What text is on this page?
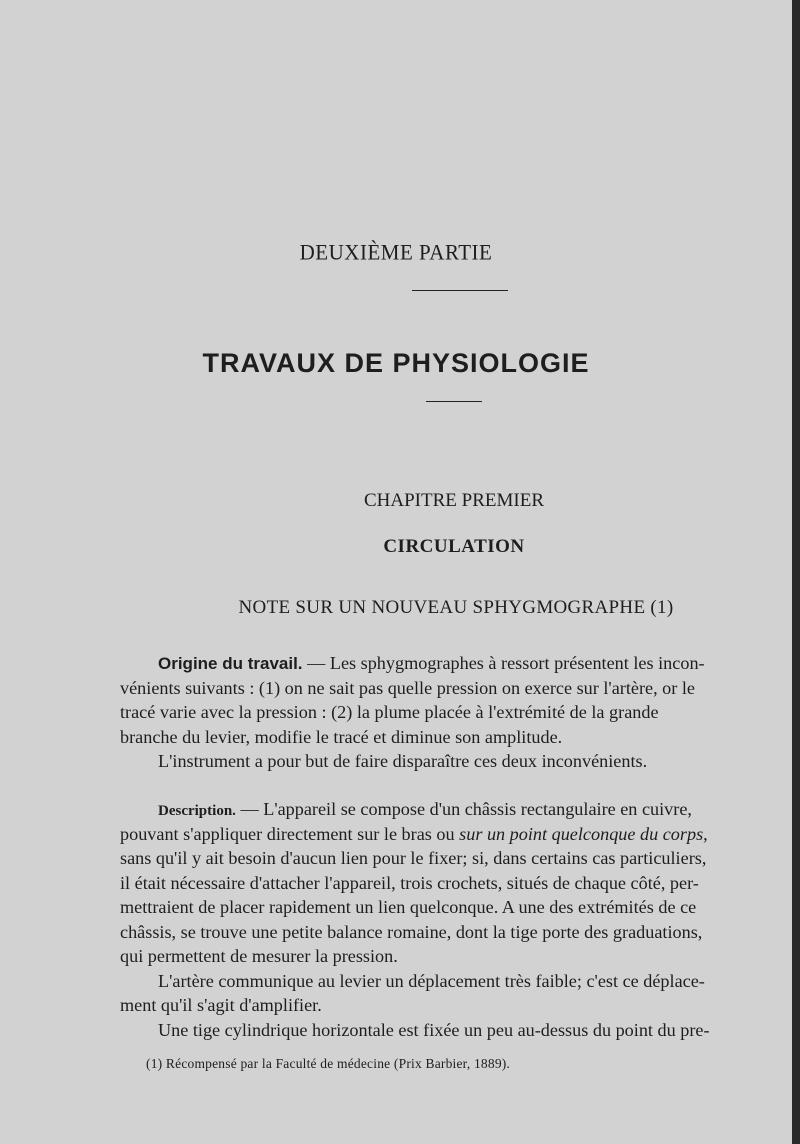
DEUXIÈME PARTIE
TRAVAUX DE PHYSIOLOGIE
CHAPITRE PREMIER
CIRCULATION
NOTE SUR UN NOUVEAU SPHYGMOGRAPHE (1)
Origine du travail. — Les sphygmographes à ressort présentent les incon-
vénients suivants : (1) on ne sait pas quelle pression on exerce sur l'artère, or le
tracé varie avec la pression : (2) la plume placée à l'extrémité de la grande
branche du levier, modifie le tracé et diminue son amplitude.
L'instrument a pour but de faire disparaître ces deux inconvénients.
Description. — L'appareil se compose d'un châssis rectangulaire en cuivre,
pouvant s'appliquer directement sur le bras ou sur un point quelconque du corps,
sans qu'il y ait besoin d'aucun lien pour le fixer; si, dans certains cas particuliers,
il était nécessaire d'attacher l'appareil, trois crochets, situés de chaque côté, per-
mettraient de placer rapidement un lien quelconque. A une des extrémités de ce
châssis, se trouve une petite balance romaine, dont la tige porte des graduations,
qui permettent de mesurer la pression.
L'artère communique au levier un déplacement très faible; c'est ce déplace-
ment qu'il s'agit d'amplifier.
Une tige cylindrique horizontale est fixée un peu au-dessus du point du pre-
(1) Récompensé par la Faculté de médecine (Prix Barbier, 1889).
